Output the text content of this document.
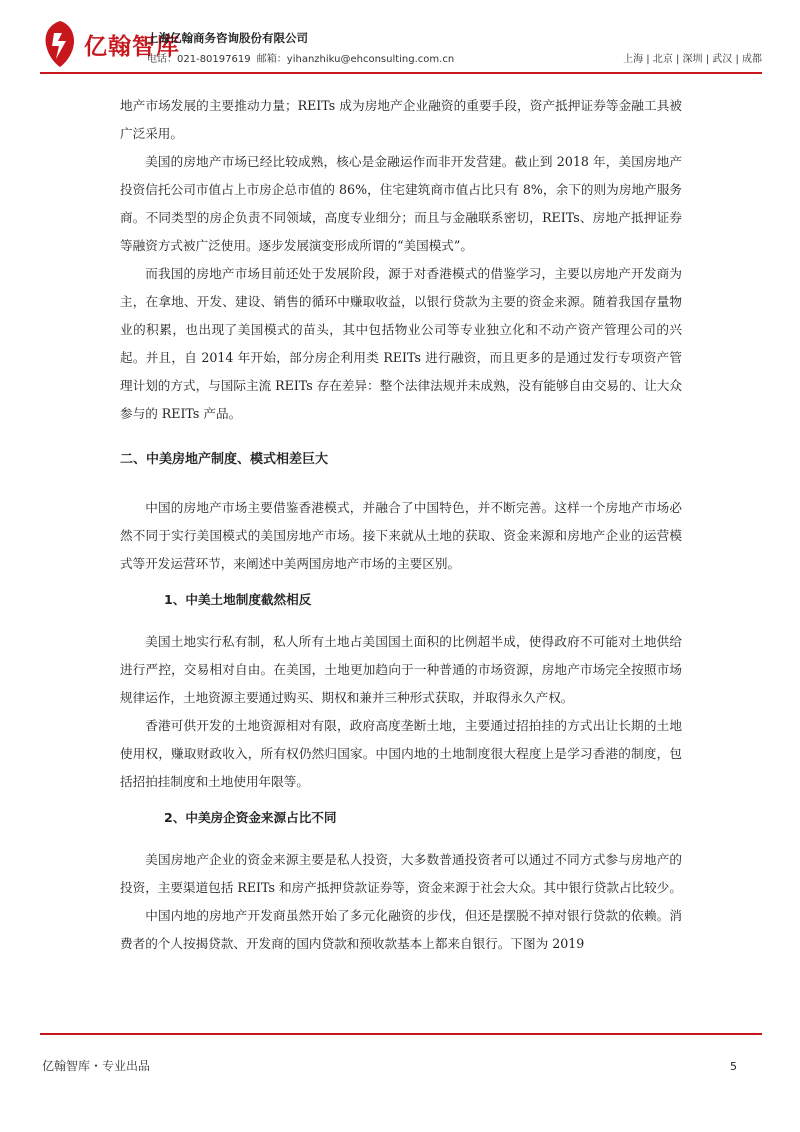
亿翰智库
上海亿翰商务咨询股份有限公司
电话：021-80197619 邮箱：yihanzhiku@ehconsulting.com.cn	上海 | 北京 | 深圳 | 武汉 | 成都

地产市场发展的主要推动力量；REITs 成为房地产企业融资的重要手段，资产抵押证券等金融工具被广泛采用。

美国的房地产市场已经比较成熟，核心是金融运作而非开发营建。截止到 2018 年，美国房地产投资信托公司市值占上市房企总市值的 86%，住宅建筑商市值占比只有 8%，余下的则为房地产服务商。不同类型的房企负责不同领域，高度专业细分；而且与金融联系密切，REITs、房地产抵押证券等融资方式被广泛使用。逐步发展演变形成所谓的“美国模式”。

而我国的房地产市场目前还处于发展阶段，源于对香港模式的借鉴学习，主要以房地产开发商为主，在拿地、开发、建设、销售的循环中赚取收益，以银行贷款为主要的资金来源。随着我国存量物业的积累，也出现了美国模式的苗头，其中包括物业公司等专业独立化和不动产资产管理公司的兴起。并且，自 2014 年开始，部分房企利用类 REITs 进行融资，而且更多的是通过发行专项资产管理计划的方式，与国际主流 REITs 存在差异：整个法律法规并未成熟，没有能够自由交易的、让大众参与的 REITs 产品。

二、中美房地产制度、模式相差巨大

中国的房地产市场主要借鉴香港模式，并融合了中国特色，并不断完善。这样一个房地产市场必然不同于实行美国模式的美国房地产市场。接下来就从土地的获取、资金来源和房地产企业的运营模式等开发运营环节，来阐述中美两国房地产市场的主要区别。

1、中美土地制度截然相反

美国土地实行私有制，私人所有土地占美国国土面积的比例超半成，使得政府不可能对土地供给进行严控，交易相对自由。在美国，土地更加趋向于一种普通的市场资源，房地产市场完全按照市场规律运作，土地资源主要通过购买、期权和兼并三种形式获取，并取得永久产权。

香港可供开发的土地资源相对有限，政府高度垄断土地，主要通过招拍挂的方式出让长期的土地使用权，赚取财政收入，所有权仍然归国家。中国内地的土地制度很大程度上是学习香港的制度，包括招拍挂制度和土地使用年限等。

2、中美房企资金来源占比不同

美国房地产企业的资金来源主要是私人投资，大多数普通投资者可以通过不同方式参与房地产的投资，主要渠道包括 REITs 和房产抵押贷款证券等，资金来源于社会大众。其中银行贷款占比较少。

中国内地的房地产开发商虽然开始了多元化融资的步伐，但还是摆脱不掉对银行贷款的依赖。消费者的个人按揭贷款、开发商的国内贷款和预收款基本上都来自银行。下图为 2019

亿翰智库・专业出品	5
